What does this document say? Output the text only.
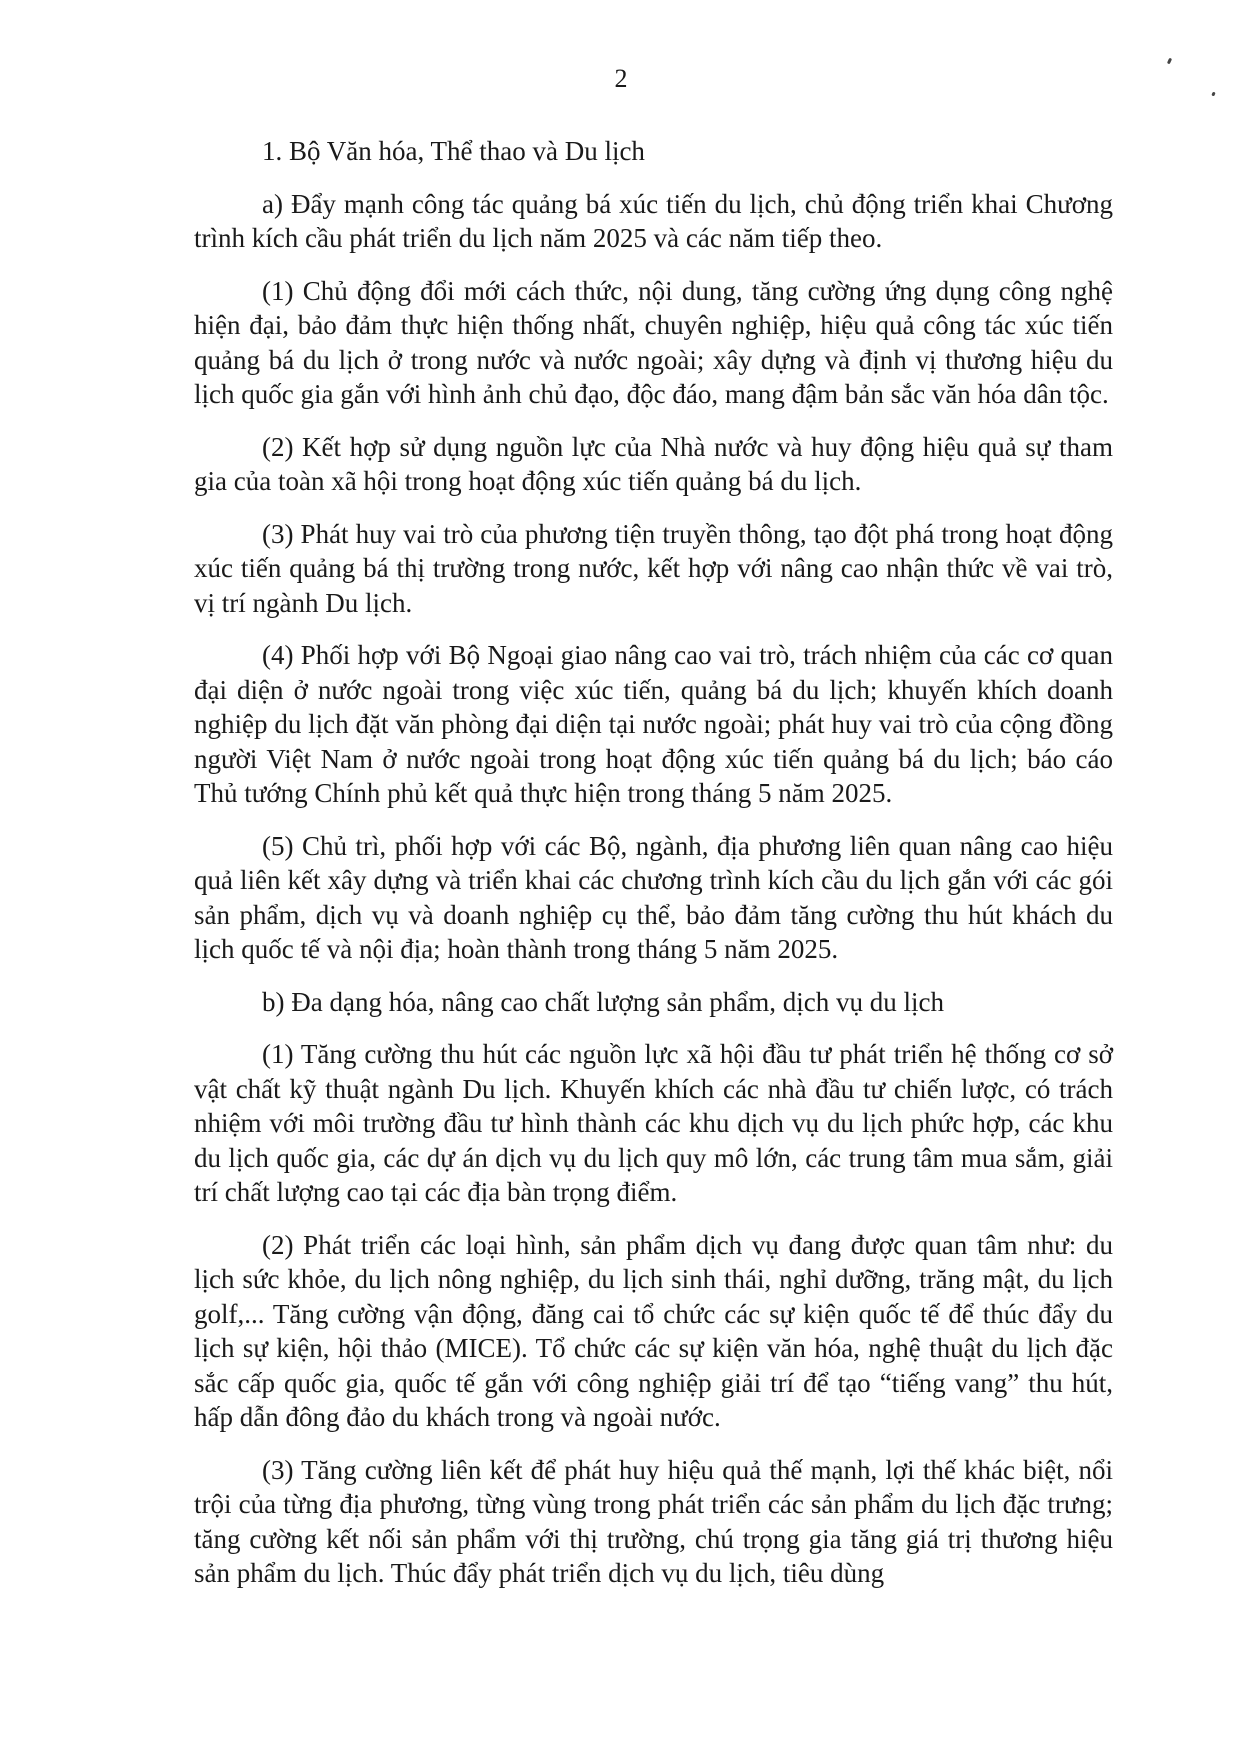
2

1. Bộ Văn hóa, Thể thao và Du lịch

a) Đẩy mạnh công tác quảng bá xúc tiến du lịch, chủ động triển khai Chương trình kích cầu phát triển du lịch năm 2025 và các năm tiếp theo.

(1) Chủ động đổi mới cách thức, nội dung, tăng cường ứng dụng công nghệ hiện đại, bảo đảm thực hiện thống nhất, chuyên nghiệp, hiệu quả công tác xúc tiến quảng bá du lịch ở trong nước và nước ngoài; xây dựng và định vị thương hiệu du lịch quốc gia gắn với hình ảnh chủ đạo, độc đáo, mang đậm bản sắc văn hóa dân tộc.

(2) Kết hợp sử dụng nguồn lực của Nhà nước và huy động hiệu quả sự tham gia của toàn xã hội trong hoạt động xúc tiến quảng bá du lịch.

(3) Phát huy vai trò của phương tiện truyền thông, tạo đột phá trong hoạt động xúc tiến quảng bá thị trường trong nước, kết hợp với nâng cao nhận thức về vai trò, vị trí ngành Du lịch.

(4) Phối hợp với Bộ Ngoại giao nâng cao vai trò, trách nhiệm của các cơ quan đại diện ở nước ngoài trong việc xúc tiến, quảng bá du lịch; khuyến khích doanh nghiệp du lịch đặt văn phòng đại diện tại nước ngoài; phát huy vai trò của cộng đồng người Việt Nam ở nước ngoài trong hoạt động xúc tiến quảng bá du lịch; báo cáo Thủ tướng Chính phủ kết quả thực hiện trong tháng 5 năm 2025.

(5) Chủ trì, phối hợp với các Bộ, ngành, địa phương liên quan nâng cao hiệu quả liên kết xây dựng và triển khai các chương trình kích cầu du lịch gắn với các gói sản phẩm, dịch vụ và doanh nghiệp cụ thể, bảo đảm tăng cường thu hút khách du lịch quốc tế và nội địa; hoàn thành trong tháng 5 năm 2025.

b) Đa dạng hóa, nâng cao chất lượng sản phẩm, dịch vụ du lịch

(1) Tăng cường thu hút các nguồn lực xã hội đầu tư phát triển hệ thống cơ sở vật chất kỹ thuật ngành Du lịch. Khuyến khích các nhà đầu tư chiến lược, có trách nhiệm với môi trường đầu tư hình thành các khu dịch vụ du lịch phức hợp, các khu du lịch quốc gia, các dự án dịch vụ du lịch quy mô lớn, các trung tâm mua sắm, giải trí chất lượng cao tại các địa bàn trọng điểm.

(2) Phát triển các loại hình, sản phẩm dịch vụ đang được quan tâm như: du lịch sức khỏe, du lịch nông nghiệp, du lịch sinh thái, nghỉ dưỡng, trăng mật, du lịch golf,... Tăng cường vận động, đăng cai tổ chức các sự kiện quốc tế để thúc đẩy du lịch sự kiện, hội thảo (MICE). Tổ chức các sự kiện văn hóa, nghệ thuật du lịch đặc sắc cấp quốc gia, quốc tế gắn với công nghiệp giải trí để tạo “tiếng vang” thu hút, hấp dẫn đông đảo du khách trong và ngoài nước.

(3) Tăng cường liên kết để phát huy hiệu quả thế mạnh, lợi thế khác biệt, nổi trội của từng địa phương, từng vùng trong phát triển các sản phẩm du lịch đặc trưng; tăng cường kết nối sản phẩm với thị trường, chú trọng gia tăng giá trị thương hiệu sản phẩm du lịch. Thúc đẩy phát triển dịch vụ du lịch, tiêu dùng
